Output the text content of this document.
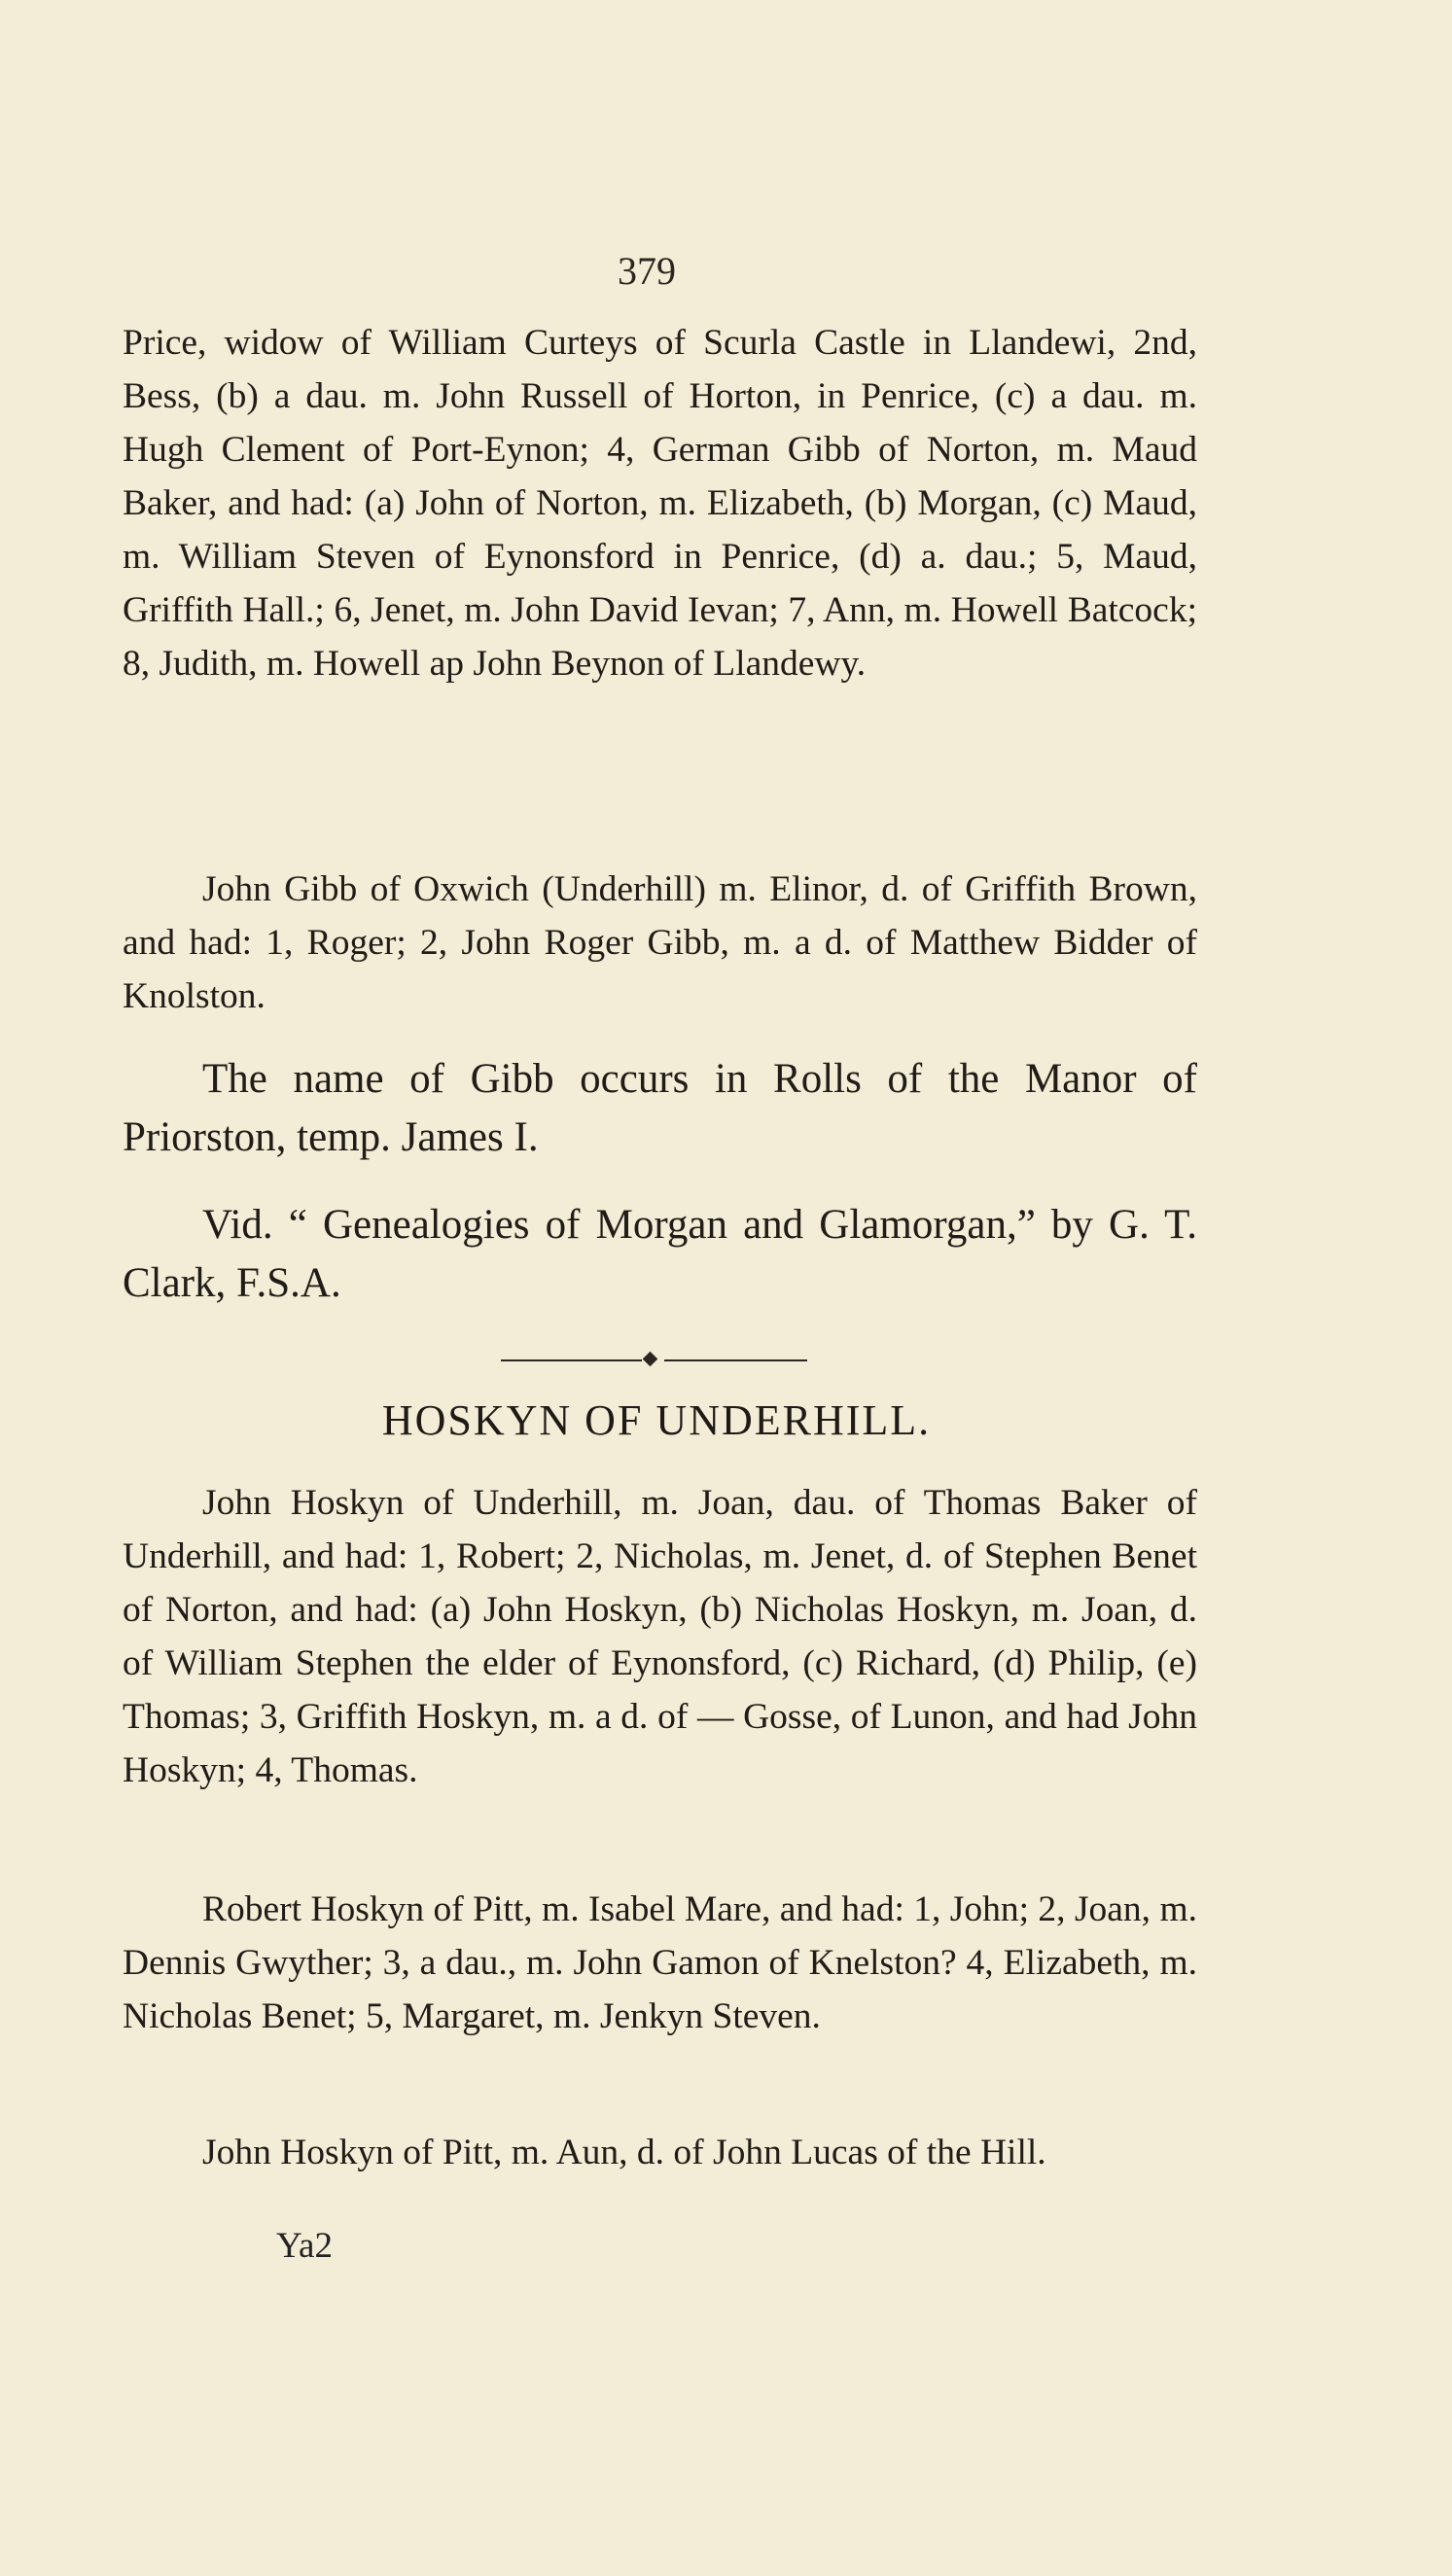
379

Price, widow of William Curteys of Scurla Castle in Llandewi, 2nd, Bess, (b) a dau. m. John Russell of Horton, in Penrice, (c) a dau. m. Hugh Clement of Port-Eynon; 4, German Gibb of Norton, m. Maud Baker, and had: (a) John of Norton, m. Elizabeth, (b) Morgan, (c) Maud, m. William Steven of Eynonsford in Penrice, (d) a. dau.; 5, Maud, Griffith Hall.; 6, Jenet, m. John David Ievan; 7, Ann, m. Howell Batcock; 8, Judith, m. Howell ap John Beynon of Llandewy.

John Gibb of Oxwich (Underhill) m. Elinor, d. of Griffith Brown, and had: 1, Roger; 2, John Roger Gibb, m. a d. of Matthew Bidder of Knolston.

The name of Gibb occurs in Rolls of the Manor of Priorston, temp. James I.

Vid. “ Genealogies of Morgan and Glamorgan,” by G. T. Clark, F.S.A.

HOSKYN OF UNDERHILL.

John Hoskyn of Underhill, m. Joan, dau. of Thomas Baker of Underhill, and had: 1, Robert; 2, Nicholas, m. Jenet, d. of Stephen Benet of Norton, and had: (a) John Hoskyn, (b) Nicholas Hoskyn, m. Joan, d. of William Stephen the elder of Eynonsford, (c) Richard, (d) Philip, (e) Thomas; 3, Griffith Hoskyn, m. a d. of — Gosse, of Lunon, and had John Hoskyn; 4, Thomas.

Robert Hoskyn of Pitt, m. Isabel Mare, and had: 1, John; 2, Joan, m. Dennis Gwyther; 3, a dau., m. John Gamon of Knelston? 4, Elizabeth, m. Nicholas Benet; 5, Margaret, m. Jenkyn Steven.

John Hoskyn of Pitt, m. Aun, d. of John Lucas of the Hill.

Ya2
